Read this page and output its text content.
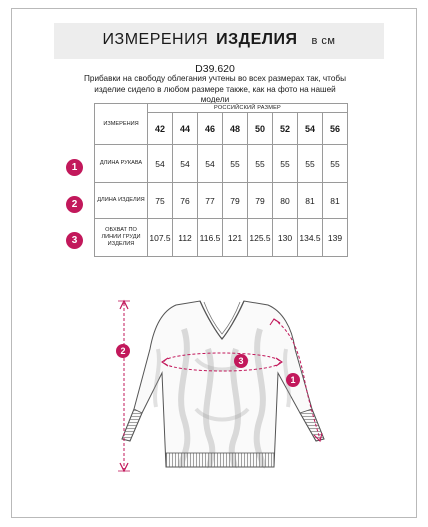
ИЗМЕРЕНИЯ ИЗДЕЛИЯ в см
D39.620
Прибавки на свободу облегания учтены во всех размерах так, чтобы изделие сидело в любом размере также, как на фото на нашей модели
ИЗМЕРЕНИЯ	РОССИЙСКИЙ РАЗМЕР							
	42	44	46	48	50	52	54	56
ДЛИНА РУКАВА	54	54	54	55	55	55	55	55
ДЛИНА ИЗДЕЛИЯ	75	76	77	79	79	80	81	81
ОБХВАТ ПО ЛИНИИ ГРУДИ ИЗДЕЛИЯ	107.5	112	116.5	121	125.5	130	134.5	139
1
2
3
2
3
1
